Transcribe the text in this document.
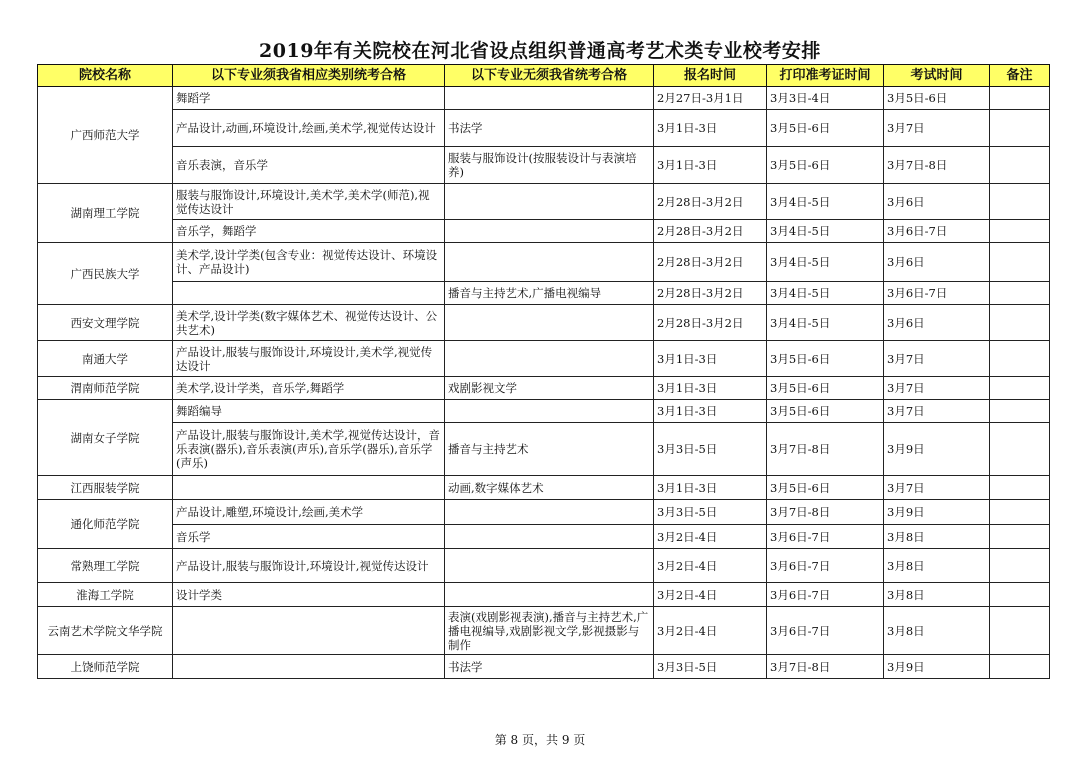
2019年有关院校在河北省设点组织普通高考艺术类专业校考安排
院校名称	以下专业须我省相应类别统考合格	以下专业无须我省统考合格	报名时间	打印准考证时间	考试时间	备注
广西师范大学	舞蹈学		2月27日-3月1日	3月3日-4日	3月5日-6日	
	产品设计,动画,环境设计,绘画,美术学,视觉传达设计	书法学	3月1日-3日	3月5日-6日	3月7日	
	音乐表演，音乐学	服装与服饰设计(按服装设计与表演培养)	3月1日-3日	3月5日-6日	3月7日-8日	
湖南理工学院	服装与服饰设计,环境设计,美术学,美术学(师范),视觉传达设计		2月28日-3月2日	3月4日-5日	3月6日	
	音乐学，舞蹈学		2月28日-3月2日	3月4日-5日	3月6日-7日	
广西民族大学	美术学,设计学类(包含专业：视觉传达设计、环境设计、产品设计)		2月28日-3月2日	3月4日-5日	3月6日	
		播音与主持艺术,广播电视编导	2月28日-3月2日	3月4日-5日	3月6日-7日	
西安文理学院	美术学,设计学类(数字媒体艺术、视觉传达设计、公共艺术)		2月28日-3月2日	3月4日-5日	3月6日	
南通大学	产品设计,服装与服饰设计,环境设计,美术学,视觉传达设计		3月1日-3日	3月5日-6日	3月7日	
渭南师范学院	美术学,设计学类，音乐学,舞蹈学	戏剧影视文学	3月1日-3日	3月5日-6日	3月7日	
湖南女子学院	舞蹈编导		3月1日-3日	3月5日-6日	3月7日	
	产品设计,服装与服饰设计,美术学,视觉传达设计，音乐表演(器乐),音乐表演(声乐),音乐学(器乐),音乐学(声乐)	播音与主持艺术	3月3日-5日	3月7日-8日	3月9日	
江西服装学院		动画,数字媒体艺术	3月1日-3日	3月5日-6日	3月7日	
通化师范学院	产品设计,雕塑,环境设计,绘画,美术学		3月3日-5日	3月7日-8日	3月9日	
	音乐学		3月2日-4日	3月6日-7日	3月8日	
常熟理工学院	产品设计,服装与服饰设计,环境设计,视觉传达设计		3月2日-4日	3月6日-7日	3月8日	
淮海工学院	设计学类		3月2日-4日	3月6日-7日	3月8日	
云南艺术学院文华学院		表演(戏剧影视表演),播音与主持艺术,广播电视编导,戏剧影视文学,影视摄影与制作	3月2日-4日	3月6日-7日	3月8日	
上饶师范学院		书法学	3月3日-5日	3月7日-8日	3月9日	
第 8 页，共 9 页
